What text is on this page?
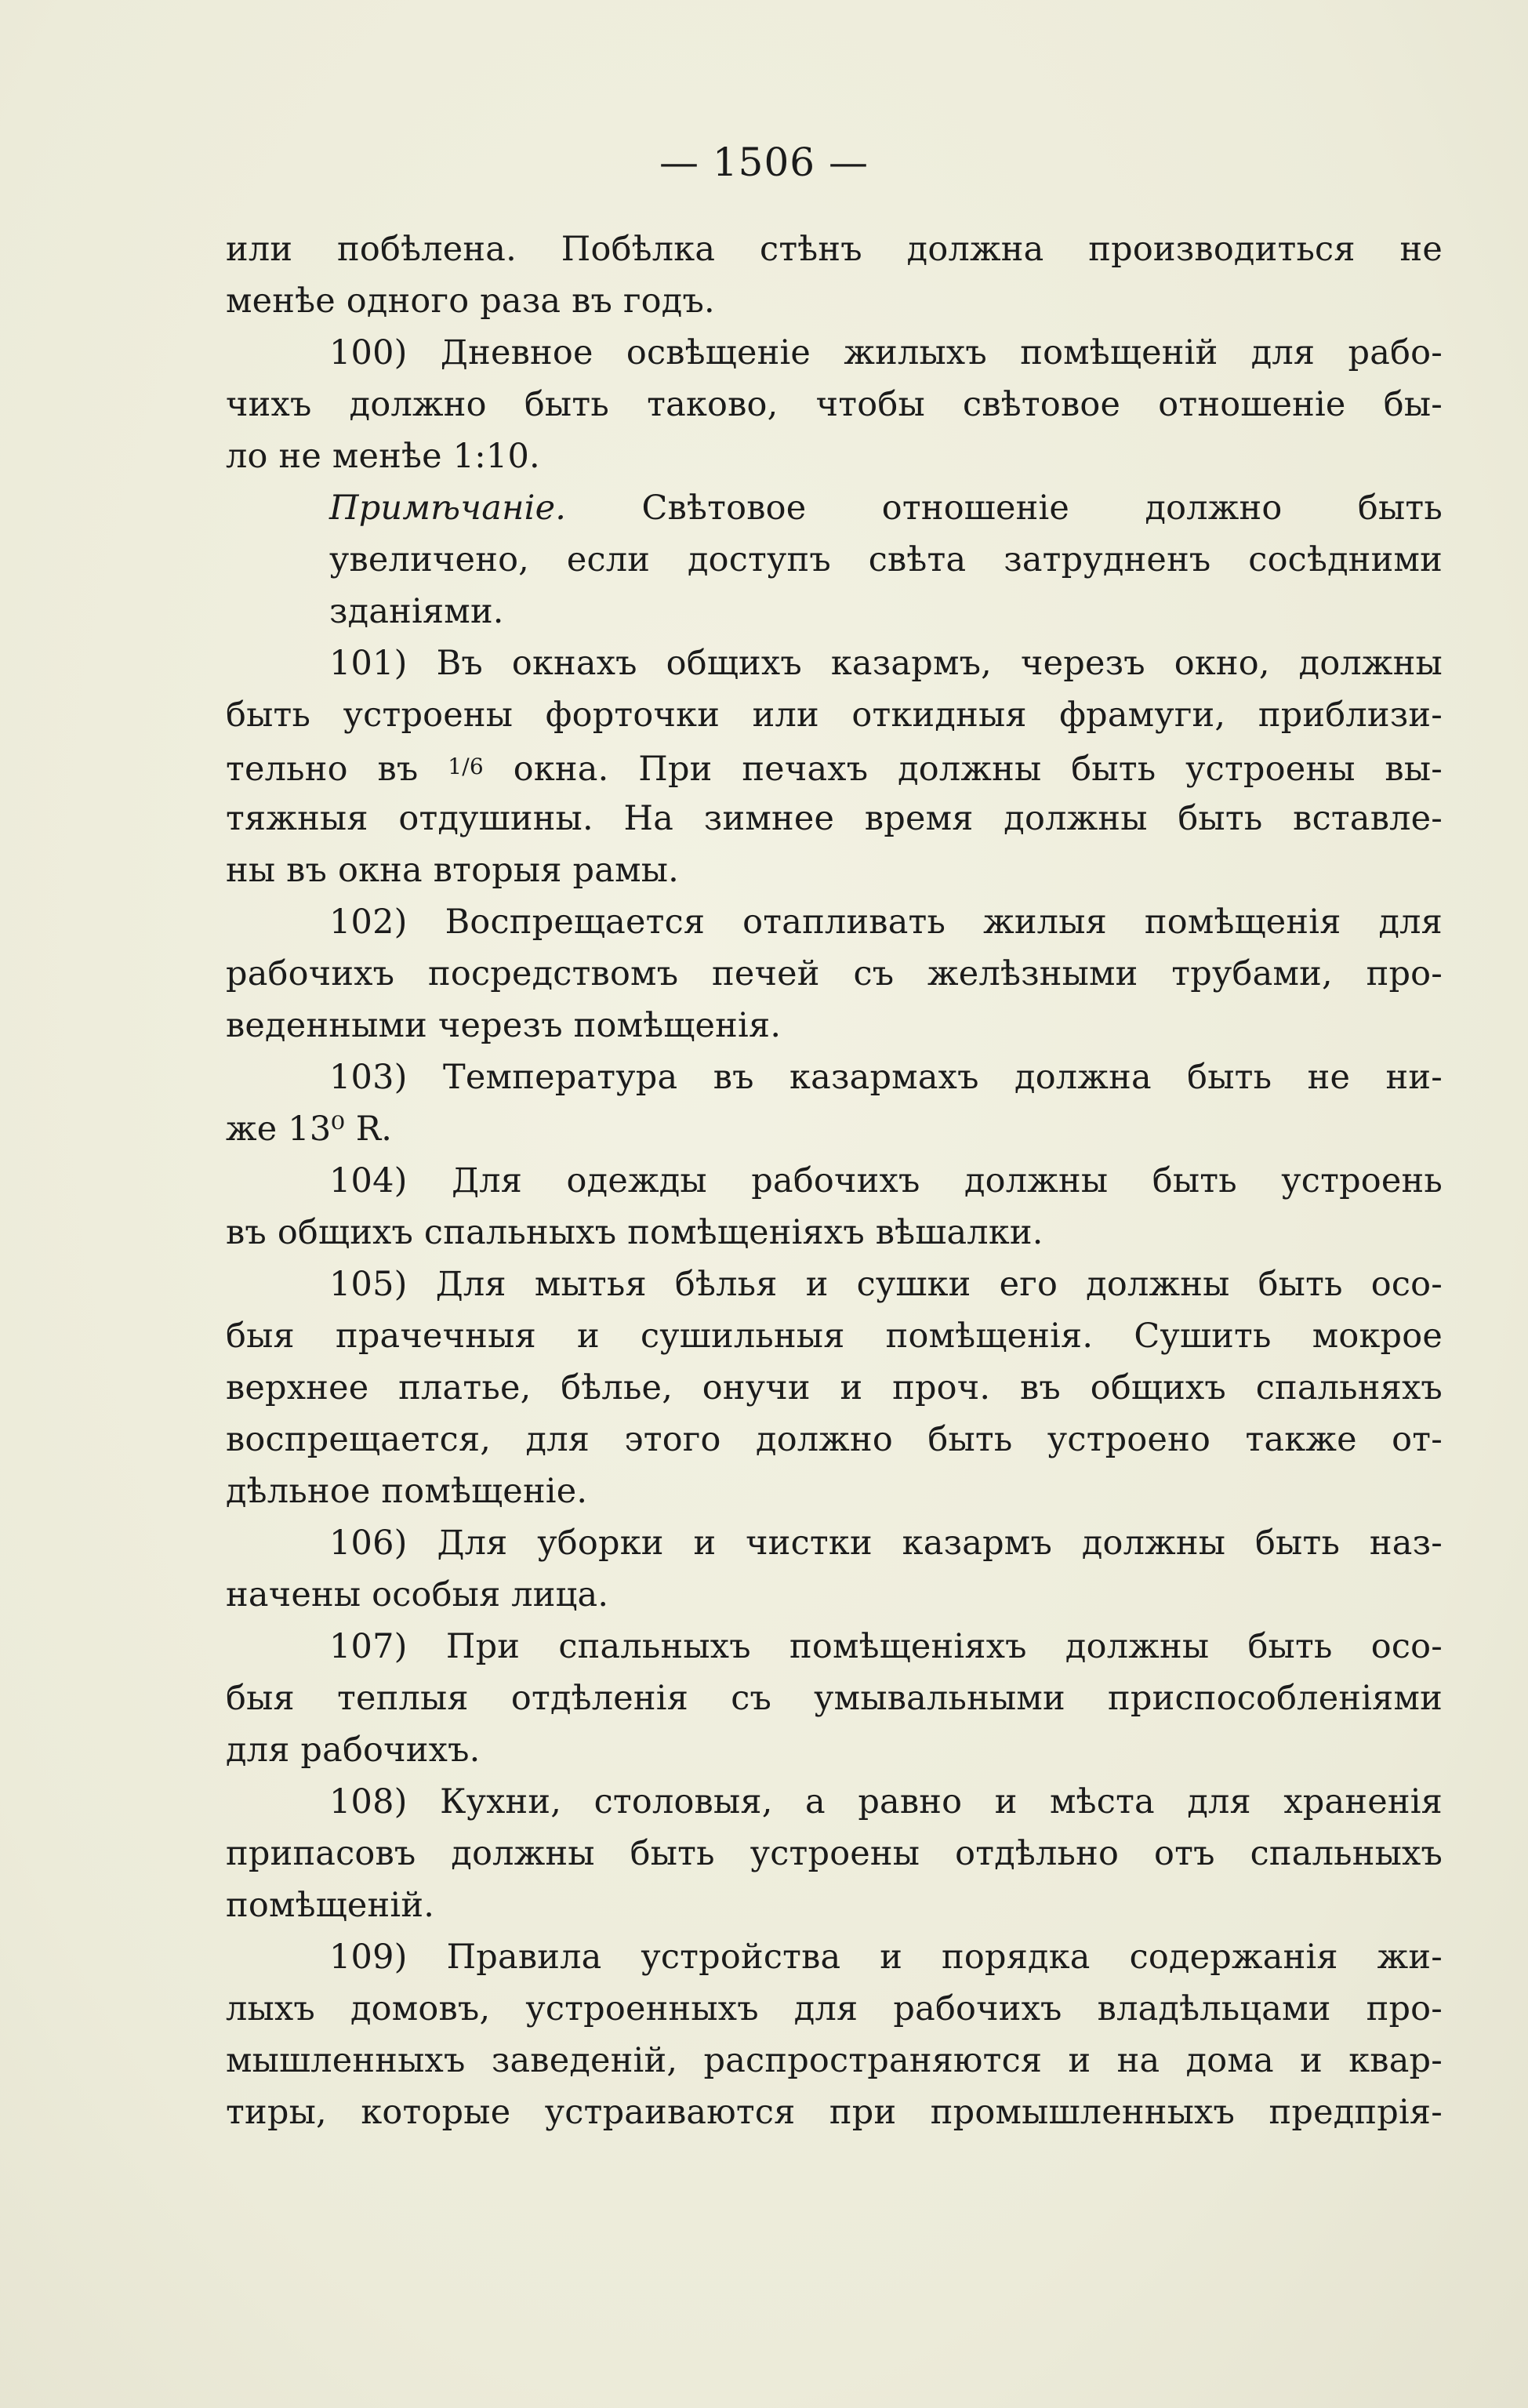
— 1506 —
или побѣлена. Побѣлка стѣнъ должна производиться не
менѣе одного раза въ годъ.
100) Дневное освѣщеніе жилыхъ помѣщеній для рабо-
чихъ должно быть таково, чтобы свѣтовое отношеніе бы-
ло не менѣе 1:10.
Примѣчаніе. Свѣтовое отношеніе должно быть
увеличено, если доступъ свѣта затрудненъ сосѣдними
зданіями.
101) Въ окнахъ общихъ казармъ, черезъ окно, должны
быть устроены форточки или откидныя фрамуги, приблизи-
тельно въ 1/6 окна. При печахъ должны быть устроены вы-
тяжныя отдушины. На зимнее время должны быть вставле-
ны въ окна вторыя рамы.
102) Воспрещается отапливать жилыя помѣщенія для
рабочихъ посредствомъ печей съ желѣзными трубами, про-
веденными черезъ помѣщенія.
103) Температура въ казармахъ должна быть не ни-
же 13⁰ R.
104) Для одежды рабочихъ должны быть устроень
въ общихъ спальныхъ помѣщеніяхъ вѣшалки.
105) Для мытья бѣлья и сушки его должны быть осо-
быя прачечныя и сушильныя помѣщенія. Сушить мокрое
верхнее платье, бѣлье, онучи и проч. въ общихъ спальняхъ
воспрещается, для этого должно быть устроено также от-
дѣльное помѣщеніе.
106) Для уборки и чистки казармъ должны быть наз-
начены особыя лица.
107) При спальныхъ помѣщеніяхъ должны быть осо-
быя теплыя отдѣленія съ умывальными приспособленіями
для рабочихъ.
108) Кухни, столовыя, а равно и мѣста для храненія
припасовъ должны быть устроены отдѣльно отъ спальныхъ
помѣщеній.
109) Правила устройства и порядка содержанія жи-
лыхъ домовъ, устроенныхъ для рабочихъ владѣльцами про-
мышленныхъ заведеній, распространяются и на дома и квар-
тиры, которые устраиваются при промышленныхъ предпрія-
